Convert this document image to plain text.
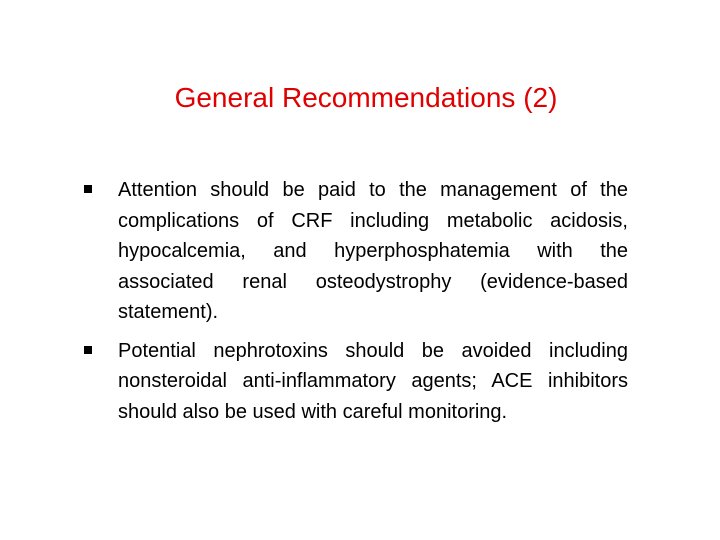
General Recommendations (2)
Attention should be paid to the management of the complications of CRF including metabolic acidosis, hypocalcemia, and hyperphosphatemia with the associated renal osteodystrophy (evidence-based statement).
Potential nephrotoxins should be avoided including nonsteroidal anti-inflammatory agents; ACE inhibitors should also be used with careful monitoring.
